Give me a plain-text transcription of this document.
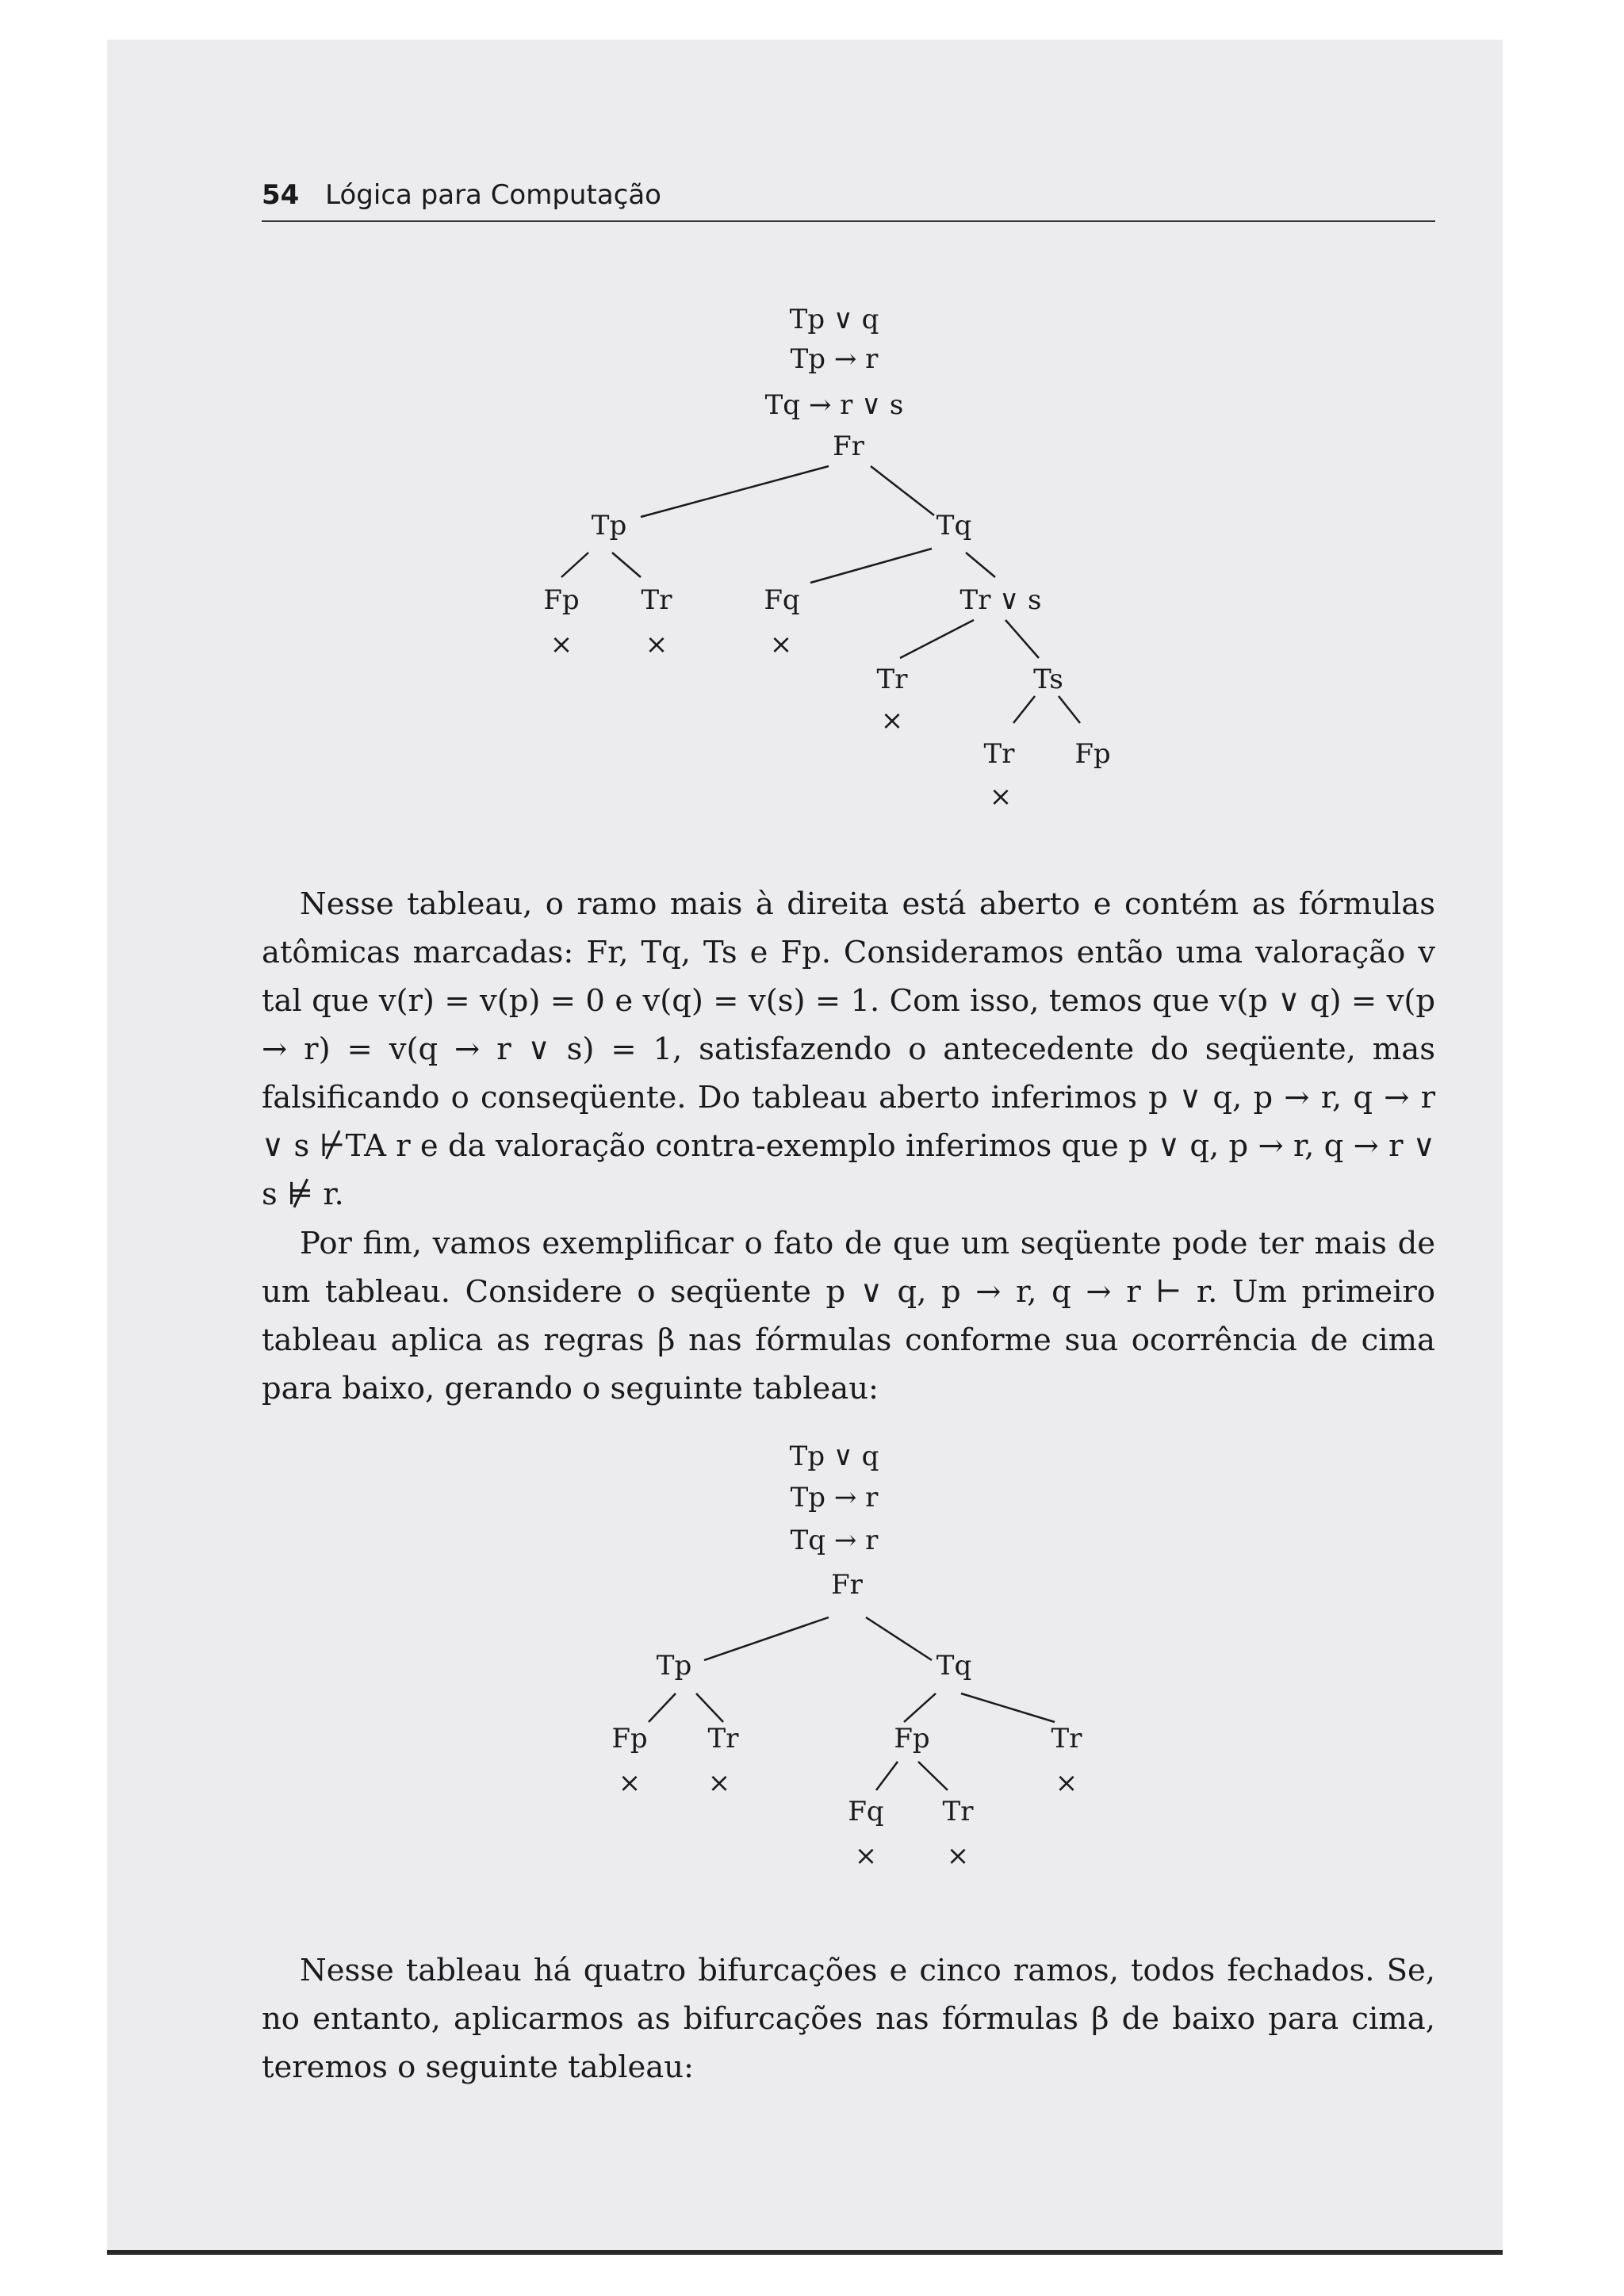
54 Lógica para Computação
Tp ∨ q
Tp → r
Tq → r ∨ s
Fr
Tp	Tq
Fp Tr	Fq	Tr ∨ s
Tr	Ts
Tr Fp
×	×	×
×
×

Nesse tableau, o ramo mais à direita está aberto e contém as fórmulas atômicas marcadas: Fr, Tq, Ts e Fp. Consideramos então uma valoração v tal que v(r) = v(p) = 0 e v(q) = v(s) = 1. Com isso, temos que v(p ∨ q) = v(p → r) = v(q → r ∨ s) = 1, satisfazendo o antecedente do seqüente, mas falsificando o conseqüente. Do tableau aberto inferimos p ∨ q, p → r, q → r ∨ s ⊬TA r e da valoração contra-exemplo inferimos que p ∨ q, p → r, q → r ∨ s ⊭ r.

Por fim, vamos exemplificar o fato de que um seqüente pode ter mais de um tableau. Considere o seqüente p ∨ q, p → r, q → r ⊢ r. Um primeiro tableau aplica as regras β nas fórmulas conforme sua ocorrência de cima para baixo, gerando o seguinte tableau:

Tp ∨ q
Tp → r
Tq → r
Fr
Tp	Tq
Fp Tr	Fp	Tr
Fq Tr
× ×	×
×	×

Nesse tableau há quatro bifurcações e cinco ramos, todos fechados. Se, no entanto, aplicarmos as bifurcações nas fórmulas β de baixo para cima, teremos o seguinte tableau:
